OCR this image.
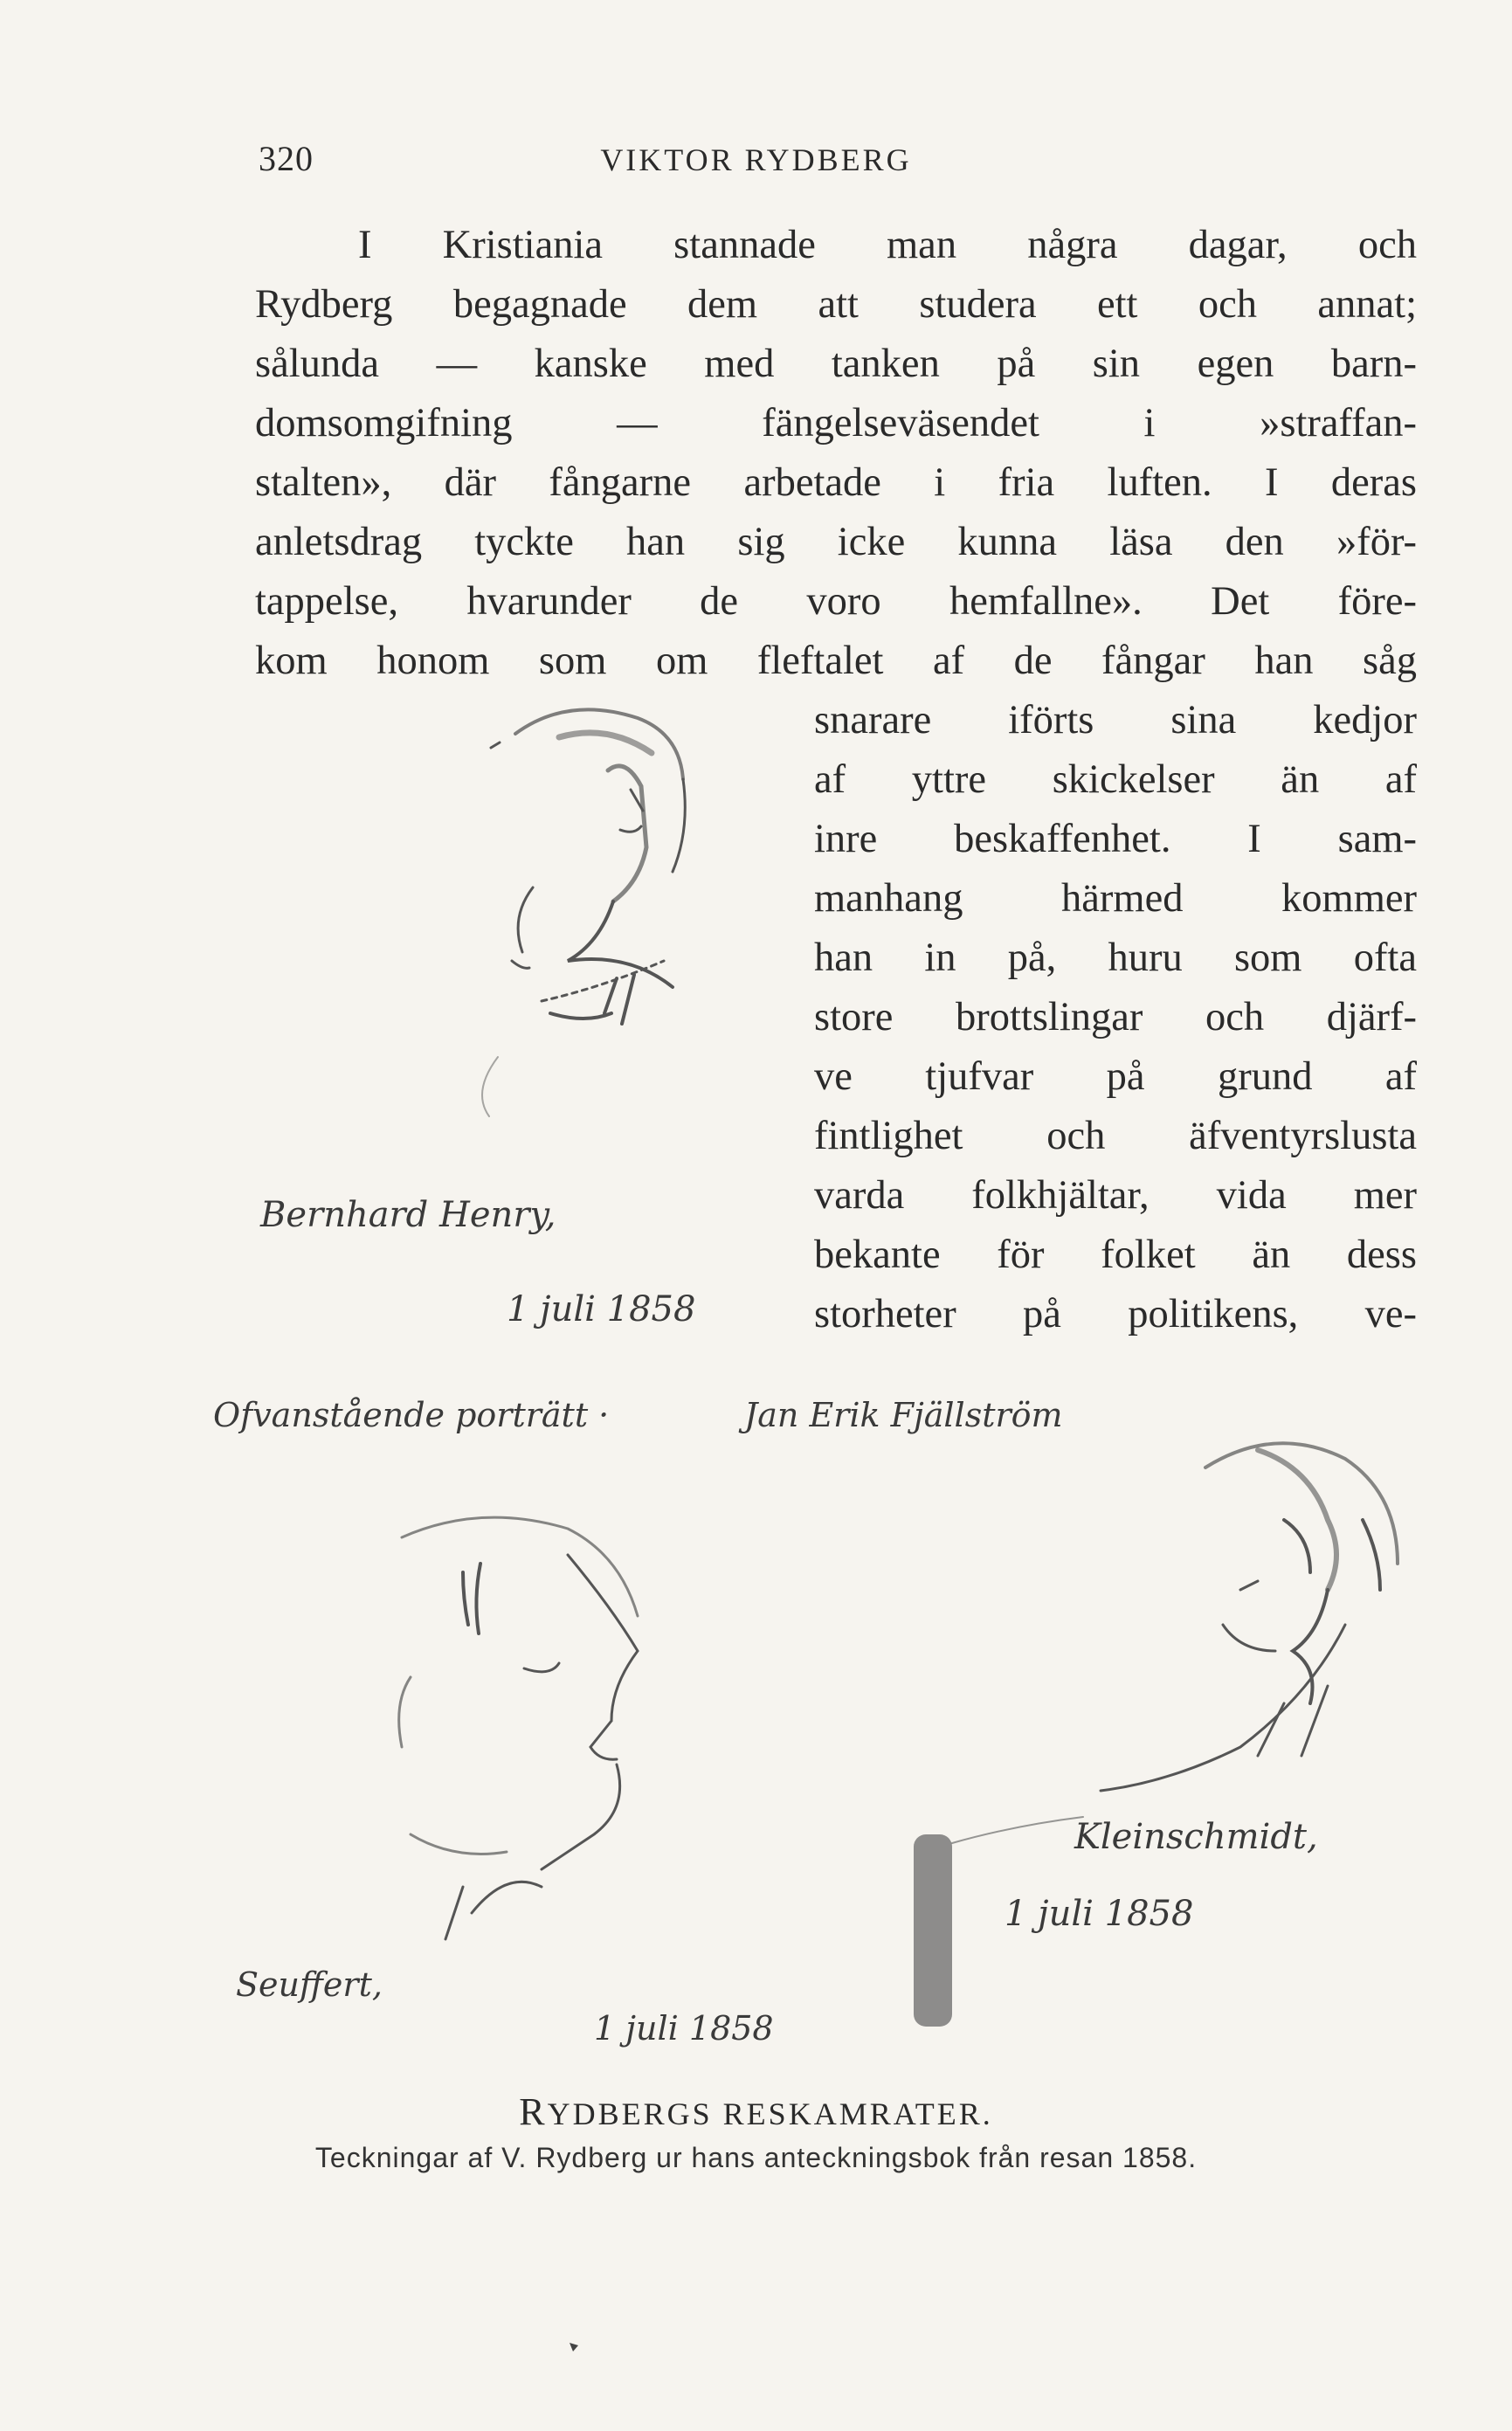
320	VIKTOR RYDBERG
I Kristiania stannade man några dagar, och
Rydberg begagnade dem att studera ett och annat;
sålunda — kanske med tanken på sin egen barn-
domsomgifning — fängelseväsendet i »straffan-
stalten», där fångarne arbetade i fria luften. I deras
anletsdrag tyckte han sig icke kunna läsa den »för-
tappelse, hvarunder de voro hemfallne». Det före-
kom honom som om fleftalet af de fångar han såg
snarare iförts sina kedjor
af yttre skickelser än af
inre beskaffenhet. I sam-
manhang härmed kommer
han in på, huru som ofta
store brottslingar och djärf-
ve tjufvar på grund af
fintlighet och äfventyrslusta
varda folkhjältar, vida mer
bekante för folket än dess
storheter på politikens, ve-
Bernhard Henry,
1 juli 1858
Ofvanstående porträtt ·	Jan Erik Fjällström
Seuffert,
1 juli 1858
Kleinschmidt,
1 juli 1858
RYDBERGS RESKAMRATER.
Teckningar af V. Rydberg ur hans anteckningsbok från resan 1858.
